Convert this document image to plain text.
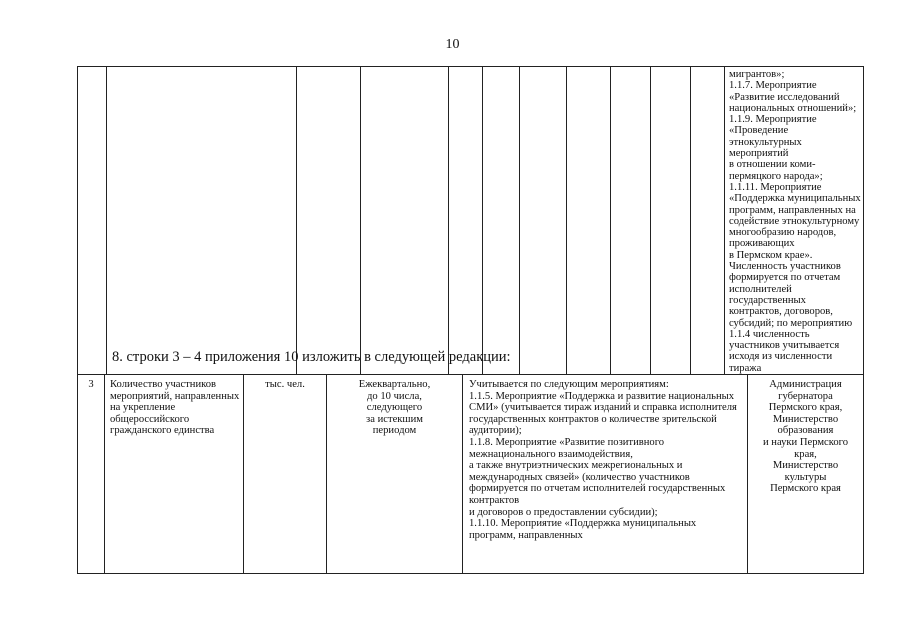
10
											мигрантов»;
1.1.7. Мероприятие «Развитие исследований национальных отношений»;
1.1.9. Мероприятие «Проведение этнокультурных мероприятий
в отношении коми-пермяцкого народа»;
1.1.11. Мероприятие «Поддержка муниципальных программ, направленных на содействие этнокультурному многообразию народов, проживающих
в Пермском крае».
Численность участников формируется по отчетам исполнителей государственных контрактов, договоров, субсидий; по мероприятию 1.1.4 численность участников учитывается исходя из численности тиража
8. строки 3 – 4 приложения 10 изложить в следующей редакции:
3	Количество участников мероприятий, направленных
на укрепление общероссийского гражданского единства	тыс. чел.	Ежеквартально,
до 10 числа,
следующего
за истекшим
периодом	Учитывается по следующим мероприятиям:
1.1.5. Мероприятие «Поддержка и развитие национальных СМИ» (учитывается тираж изданий и справка исполнителя государственных контрактов о количестве зрительской аудитории);
1.1.8. Мероприятие «Развитие позитивного межнационального взаимодействия,
а также внутриэтнических межрегиональных и международных связей» (количество участников формируется по отчетам исполнителей государственных контрактов
и договоров о предоставлении субсидии);
1.1.10. Мероприятие «Поддержка муниципальных программ, направленных	Администрация
губернатора
Пермского края,
Министерство
образования
и науки Пермского
края,
Министерство
культуры
Пермского края
